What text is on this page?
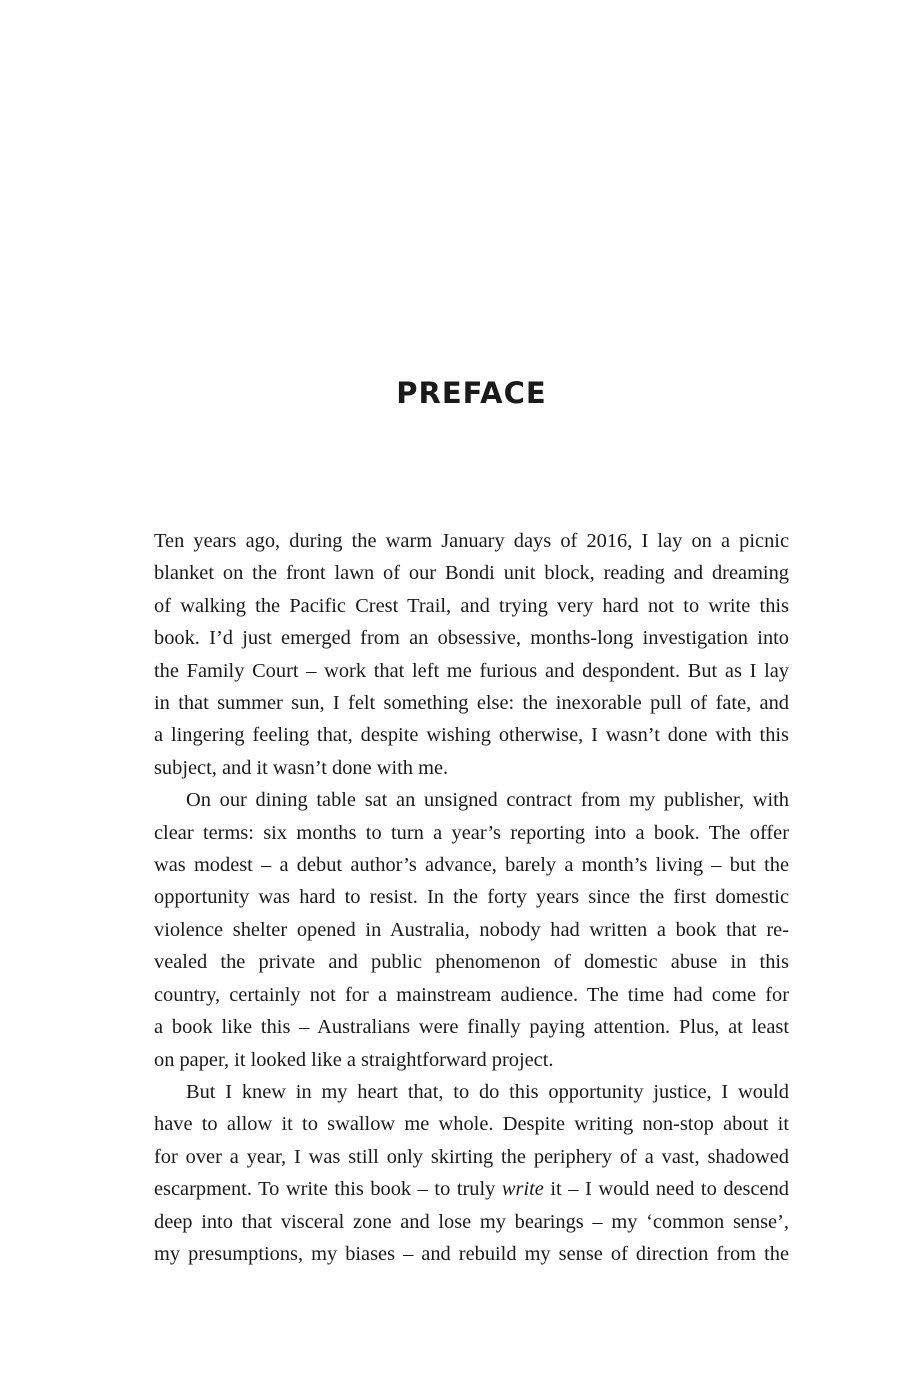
PREFACE
Ten years ago, during the warm January days of 2016, I lay on a picnic
blanket on the front lawn of our Bondi unit block, reading and dreaming
of walking the Pacific Crest Trail, and trying very hard not to write this
book. I’d just emerged from an obsessive, months-long investigation into
the Family Court – work that left me furious and despondent. But as I lay
in that summer sun, I felt something else: the inexorable pull of fate, and
a lingering feeling that, despite wishing otherwise, I wasn’t done with this
subject, and it wasn’t done with me.
On our dining table sat an unsigned contract from my publisher, with
clear terms: six months to turn a year’s reporting into a book. The offer
was modest – a debut author’s advance, barely a month’s living – but the
opportunity was hard to resist. In the forty years since the first domestic
violence shelter opened in Australia, nobody had written a book that re-
vealed the private and public phenomenon of domestic abuse in this
country, certainly not for a mainstream audience. The time had come for
a book like this – Australians were finally paying attention. Plus, at least
on paper, it looked like a straightforward project.
But I knew in my heart that, to do this opportunity justice, I would
have to allow it to swallow me whole. Despite writing non-stop about it
for over a year, I was still only skirting the periphery of a vast, shadowed
escarpment. To write this book – to truly write it – I would need to descend
deep into that visceral zone and lose my bearings – my ‘common sense’,
my presumptions, my biases – and rebuild my sense of direction from the
